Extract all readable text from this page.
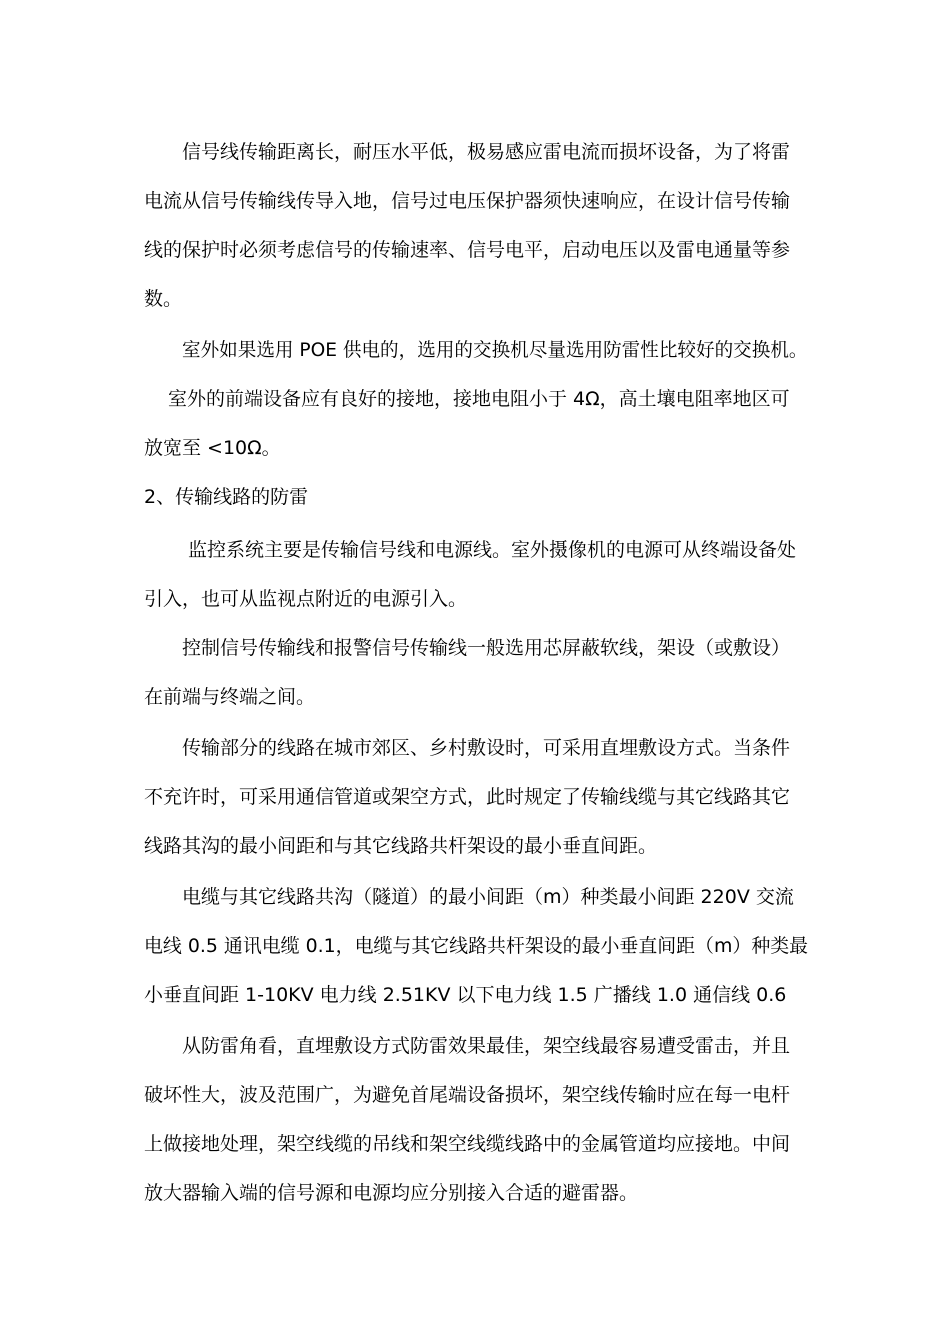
信号线传输距离长，耐压水平低，极易感应雷电流而损坏设备，为了将雷
电流从信号传输线传导入地，信号过电压保护器须快速响应，在设计信号传输
线的保护时必须考虑信号的传输速率、信号电平，启动电压以及雷电通量等参
数。
室外如果选用 POE 供电的，选用的交换机尽量选用防雷性比较好的交换机。
室外的前端设备应有良好的接地，接地电阻小于 4Ω，高土壤电阻率地区可
放宽至 <10Ω。
2、传输线路的防雷
监控系统主要是传输信号线和电源线。室外摄像机的电源可从终端设备处
引入，也可从监视点附近的电源引入。
控制信号传输线和报警信号传输线一般选用芯屏蔽软线，架设（或敷设）
在前端与终端之间。
传输部分的线路在城市郊区、乡村敷设时，可采用直埋敷设方式。当条件
不充许时，可采用通信管道或架空方式，此时规定了传输线缆与其它线路其它
线路其沟的最小间距和与其它线路共杆架设的最小垂直间距。
电缆与其它线路共沟（隧道）的最小间距（m）种类最小间距 220V 交流
电线 0.5 通讯电缆 0.1，电缆与其它线路共杆架设的最小垂直间距（m）种类最
小垂直间距 1-10KV 电力线 2.51KV 以下电力线 1.5 广播线 1.0 通信线 0.6
从防雷角看，直埋敷设方式防雷效果最佳，架空线最容易遭受雷击，并且
破坏性大，波及范围广，为避免首尾端设备损坏，架空线传输时应在每一电杆
上做接地处理，架空线缆的吊线和架空线缆线路中的金属管道均应接地。中间
放大器输入端的信号源和电源均应分别接入合适的避雷器。
